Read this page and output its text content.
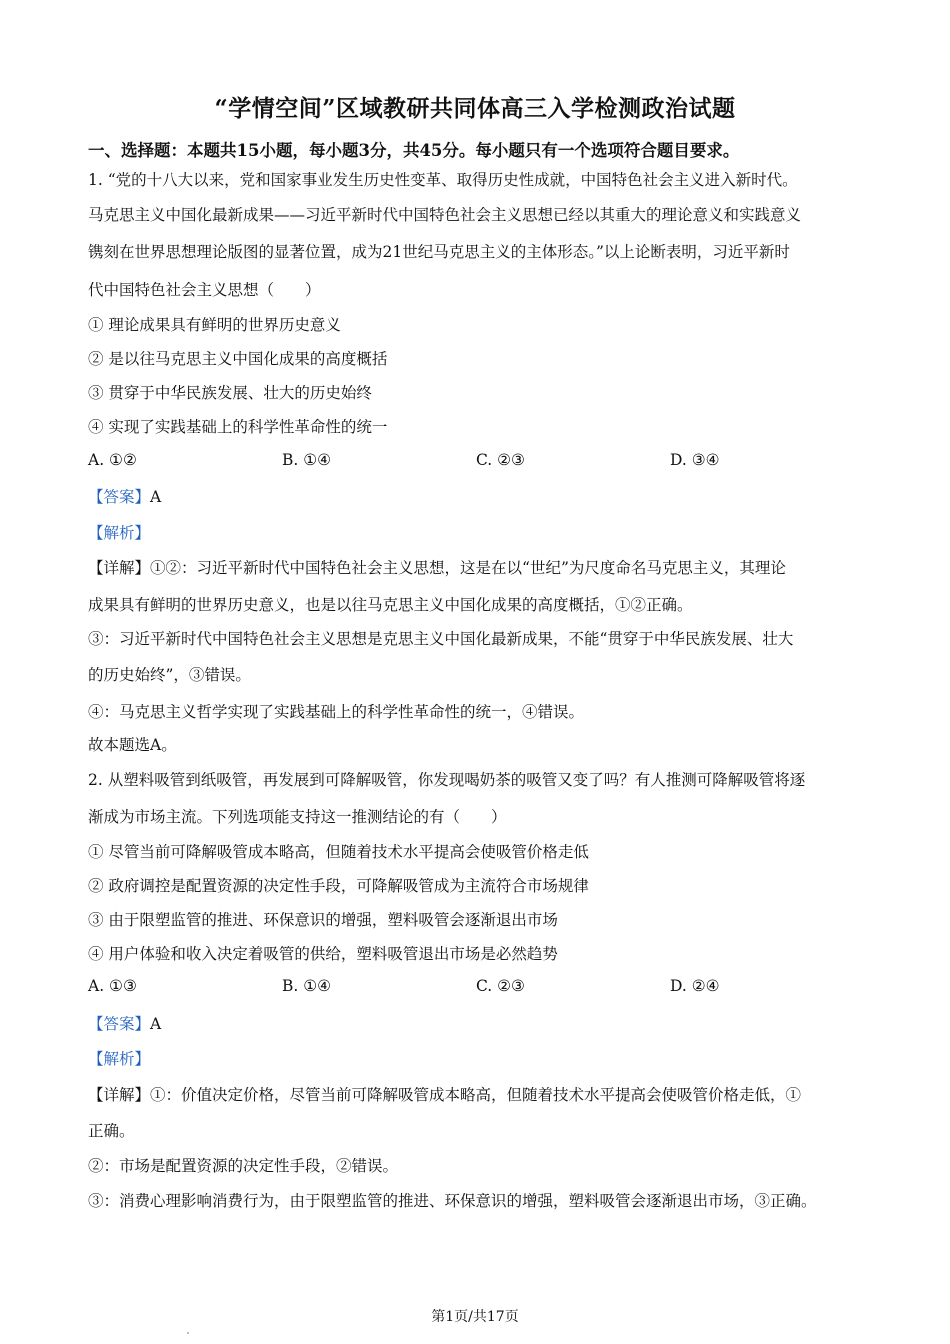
“学情空间”区域教研共同体高三入学检测政治试题
一、选择题：本题共15小题，每小题3分，共45分。每小题只有一个选项符合题目要求。
1. “党的十八大以来，党和国家事业发生历史性变革、取得历史性成就，中国特色社会主义进入新时代。
马克思主义中国化最新成果——习近平新时代中国特色社会主义思想已经以其重大的理论意义和实践意义
镌刻在世界思想理论版图的显著位置，成为21世纪马克思主义的主体形态。”以上论断表明，习近平新时
代中国特色社会主义思想（　　）
① 理论成果具有鲜明的世界历史意义
② 是以往马克思主义中国化成果的高度概括
③ 贯穿于中华民族发展、壮大的历史始终
④ 实现了实践基础上的科学性革命性的统一
A. ①②	B. ①④	C. ②③	D. ③④
【答案】A
【解析】
【详解】①②：习近平新时代中国特色社会主义思想，这是在以“世纪”为尺度命名马克思主义，其理论
成果具有鲜明的世界历史意义，也是以往马克思主义中国化成果的高度概括，①②正确。
③：习近平新时代中国特色社会主义思想是克思主义中国化最新成果，不能“贯穿于中华民族发展、壮大
的历史始终”，③错误。
④：马克思主义哲学实现了实践基础上的科学性革命性的统一，④错误。
故本题选A。
2. 从塑料吸管到纸吸管，再发展到可降解吸管，你发现喝奶茶的吸管又变了吗？有人推测可降解吸管将逐
渐成为市场主流。下列选项能支持这一推测结论的有（　　）
① 尽管当前可降解吸管成本略高，但随着技术水平提高会使吸管价格走低
② 政府调控是配置资源的决定性手段，可降解吸管成为主流符合市场规律
③ 由于限塑监管的推进、环保意识的增强，塑料吸管会逐渐退出市场
④ 用户体验和收入决定着吸管的供给，塑料吸管退出市场是必然趋势
A. ①③	B. ①④	C. ②③	D. ②④
【答案】A
【解析】
【详解】①：价值决定价格，尽管当前可降解吸管成本略高，但随着技术水平提高会使吸管价格走低，①
正确。
②：市场是配置资源的决定性手段，②错误。
③：消费心理影响消费行为，由于限塑监管的推进、环保意识的增强，塑料吸管会逐渐退出市场，③正确。
第1页/共17页
